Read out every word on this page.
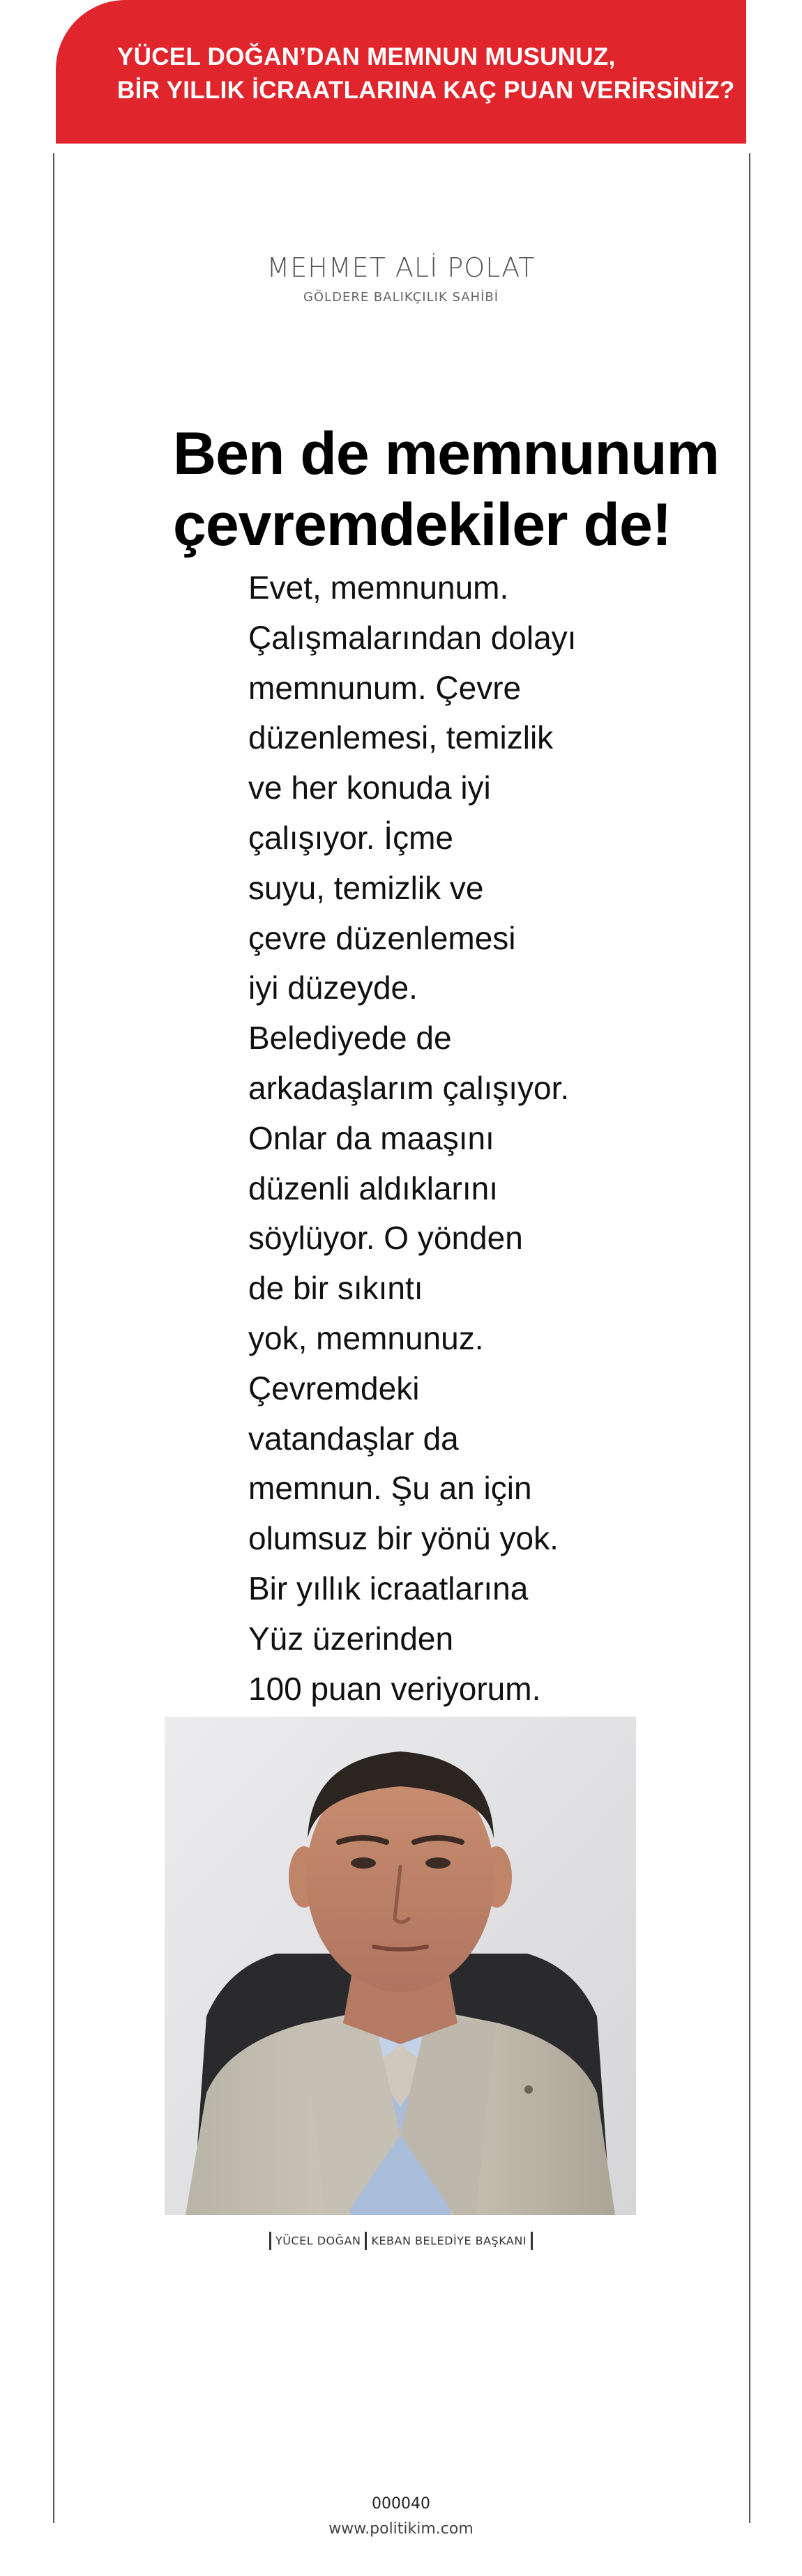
YÜCEL DOĞAN’DAN MEMNUN MUSUNUZ,
BİR YILLIK İCRAATLARINA KAÇ PUAN VERİRSİNİZ?
MEHMET ALİ POLAT
GÖLDERE BALIKÇILIK SAHİBİ
Ben de memnunum
çevremdekiler de!
Evet, memnunum.
Çalışmalarından dolayı
memnunum. Çevre
düzenlemesi, temizlik
ve her konuda iyi
çalışıyor. İçme
suyu, temizlik ve
çevre düzenlemesi
iyi düzeyde.
Belediyede de
arkadaşlarım çalışıyor.
Onlar da maaşını
düzenli aldıklarını
söylüyor. O yönden
de bir sıkıntı
yok, memnunuz.
Çevremdeki
vatandaşlar da
memnun. Şu an için
olumsuz bir yönü yok.
Bir yıllık icraatlarına
Yüz üzerinden
100 puan veriyorum.
YÜCEL DOĞAN KEBAN BELEDİYE BAŞKANI
000040
www.politikim.com
